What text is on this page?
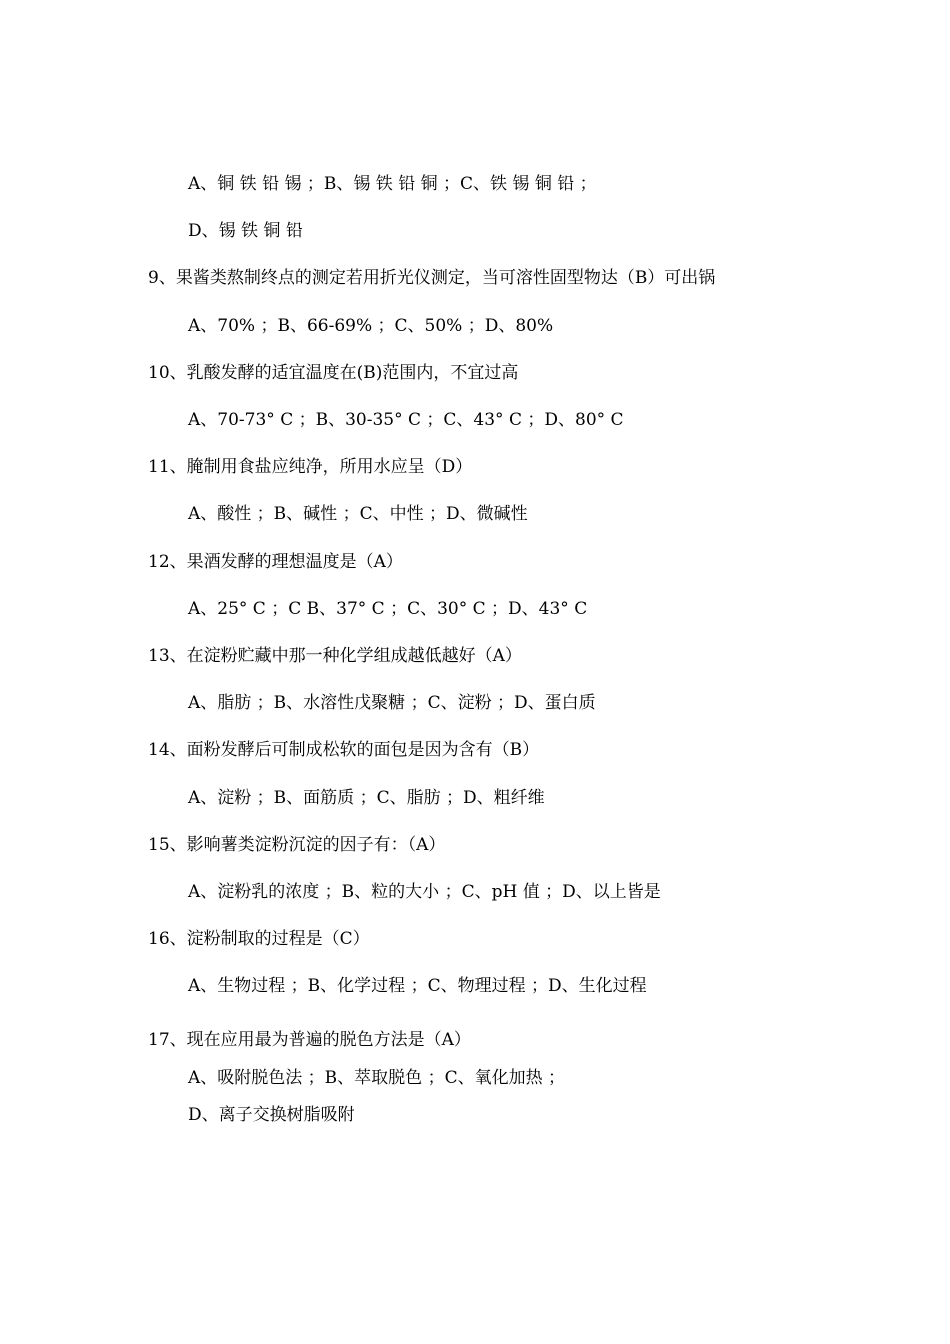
A、铜 铁 铅 锡 ；B、锡 铁 铅 铜 ；C、铁 锡 铜 铅 ；
D、锡 铁 铜 铅
9、果酱类熬制终点的测定若用折光仪测定，当可溶性固型物达（B）可出锅
A、70% ；B、66-69% ；C、50% ；D、80%
10、乳酸发酵的适宜温度在(B)范围内，不宜过高
A、70-73° C ；B、30-35° C ；C、43° C ；D、80° C
11、腌制用食盐应纯净，所用水应呈（D）
A、酸性 ；B、碱性 ；C、中性 ；D、微碱性
12、果酒发酵的理想温度是（A）
A、25° C ；C B、37° C ；C、30° C ；D、43° C
13、在淀粉贮藏中那一种化学组成越低越好（A）
A、脂肪 ；B、水溶性戊聚糖 ；C、淀粉 ；D、蛋白质
14、面粉发酵后可制成松软的面包是因为含有（B）
A、淀粉 ；B、面筋质 ；C、脂肪 ；D、粗纤维
15、影响薯类淀粉沉淀的因子有：（A）
A、淀粉乳的浓度 ；B、粒的大小 ；C、pH 值 ；D、以上皆是
16、淀粉制取的过程是（C）
A、生物过程 ；B、化学过程 ；C、物理过程 ；D、生化过程
17、现在应用最为普遍的脱色方法是（A）
A、吸附脱色法 ；B、萃取脱色 ；C、氧化加热 ；
D、离子交换树脂吸附
